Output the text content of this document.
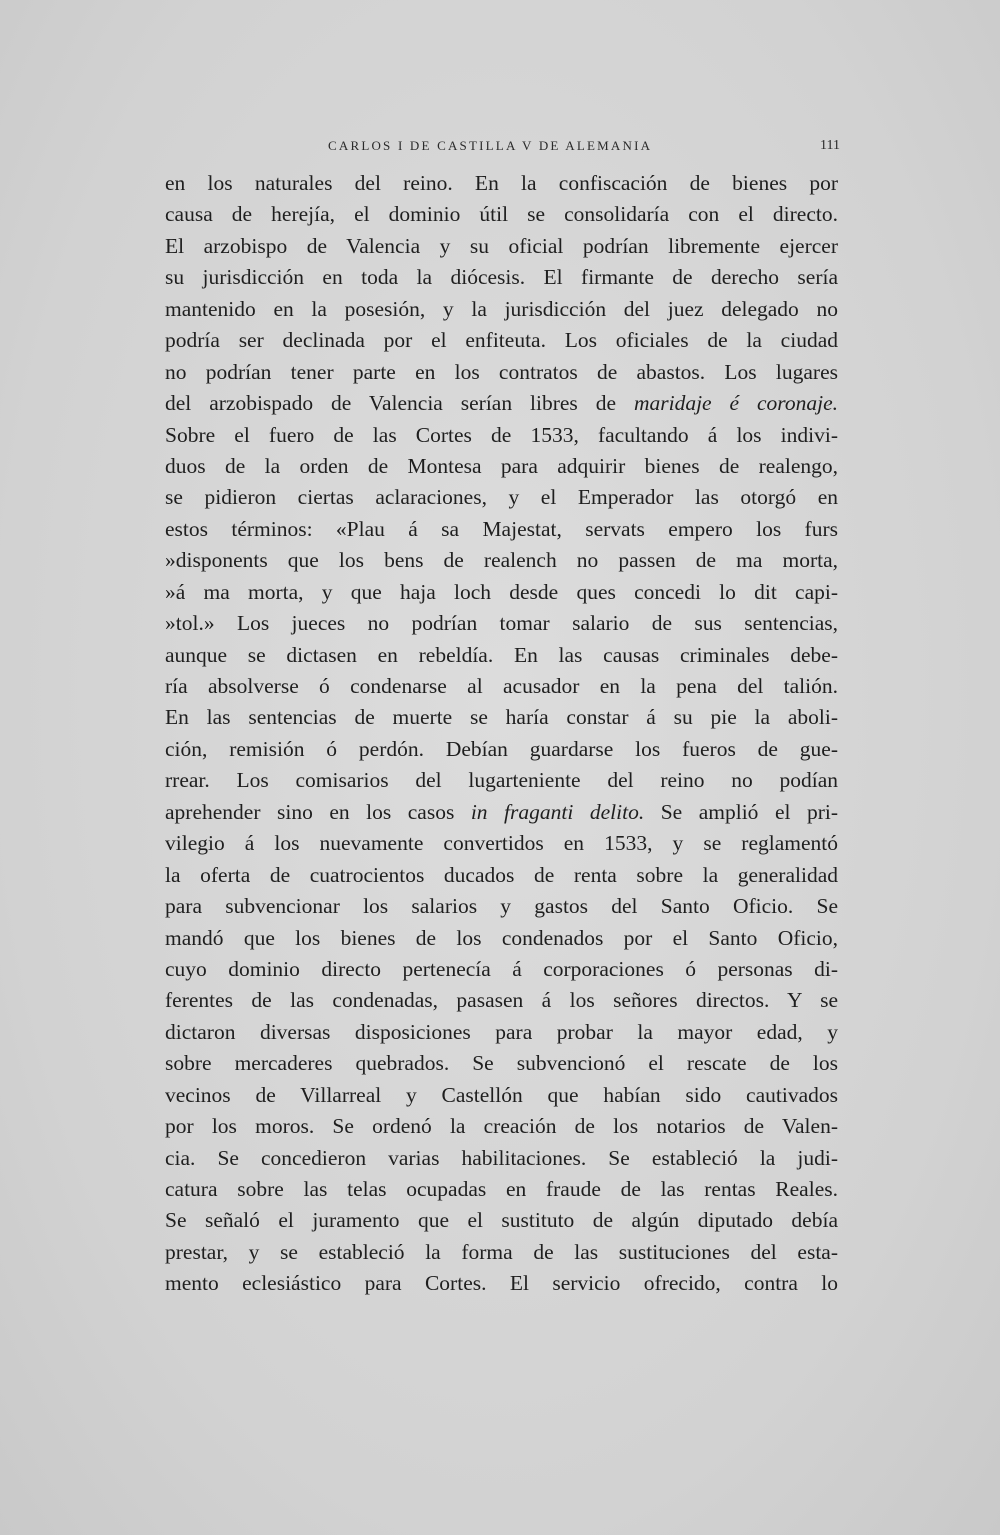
CARLOS I DE CASTILLA V DE ALEMANIA	111
en los naturales del reino. En la confiscación de bienes por
causa de herejía, el dominio útil se consolidaría con el directo.
El arzobispo de Valencia y su oficial podrían libremente ejercer
su jurisdicción en toda la diócesis. El firmante de derecho sería
mantenido en la posesión, y la jurisdicción del juez delegado no
podría ser declinada por el enfiteuta. Los oficiales de la ciudad
no podrían tener parte en los contratos de abastos. Los lugares
del arzobispado de Valencia serían libres de maridaje é coronaje.
Sobre el fuero de las Cortes de 1533, facultando á los indivi-
duos de la orden de Montesa para adquirir bienes de realengo,
se pidieron ciertas aclaraciones, y el Emperador las otorgó en
estos términos: «Plau á sa Majestat, servats empero los furs
»disponents que los bens de realench no passen de ma morta,
»á ma morta, y que haja loch desde ques concedi lo dit capi-
»tol.» Los jueces no podrían tomar salario de sus sentencias,
aunque se dictasen en rebeldía. En las causas criminales debe-
ría absolverse ó condenarse al acusador en la pena del talión.
En las sentencias de muerte se haría constar á su pie la aboli-
ción, remisión ó perdón. Debían guardarse los fueros de gue-
rrear. Los comisarios del lugarteniente del reino no podían
aprehender sino en los casos in fraganti delito. Se amplió el pri-
vilegio á los nuevamente convertidos en 1533, y se reglamentó
la oferta de cuatrocientos ducados de renta sobre la generalidad
para subvencionar los salarios y gastos del Santo Oficio. Se
mandó que los bienes de los condenados por el Santo Oficio,
cuyo dominio directo pertenecía á corporaciones ó personas di-
ferentes de las condenadas, pasasen á los señores directos. Y se
dictaron diversas disposiciones para probar la mayor edad, y
sobre mercaderes quebrados. Se subvencionó el rescate de los
vecinos de Villarreal y Castellón que habían sido cautivados
por los moros. Se ordenó la creación de los notarios de Valen-
cia. Se concedieron varias habilitaciones. Se estableció la judi-
catura sobre las telas ocupadas en fraude de las rentas Reales.
Se señaló el juramento que el sustituto de algún diputado debía
prestar, y se estableció la forma de las sustituciones del esta-
mento eclesiástico para Cortes. El servicio ofrecido, contra lo
